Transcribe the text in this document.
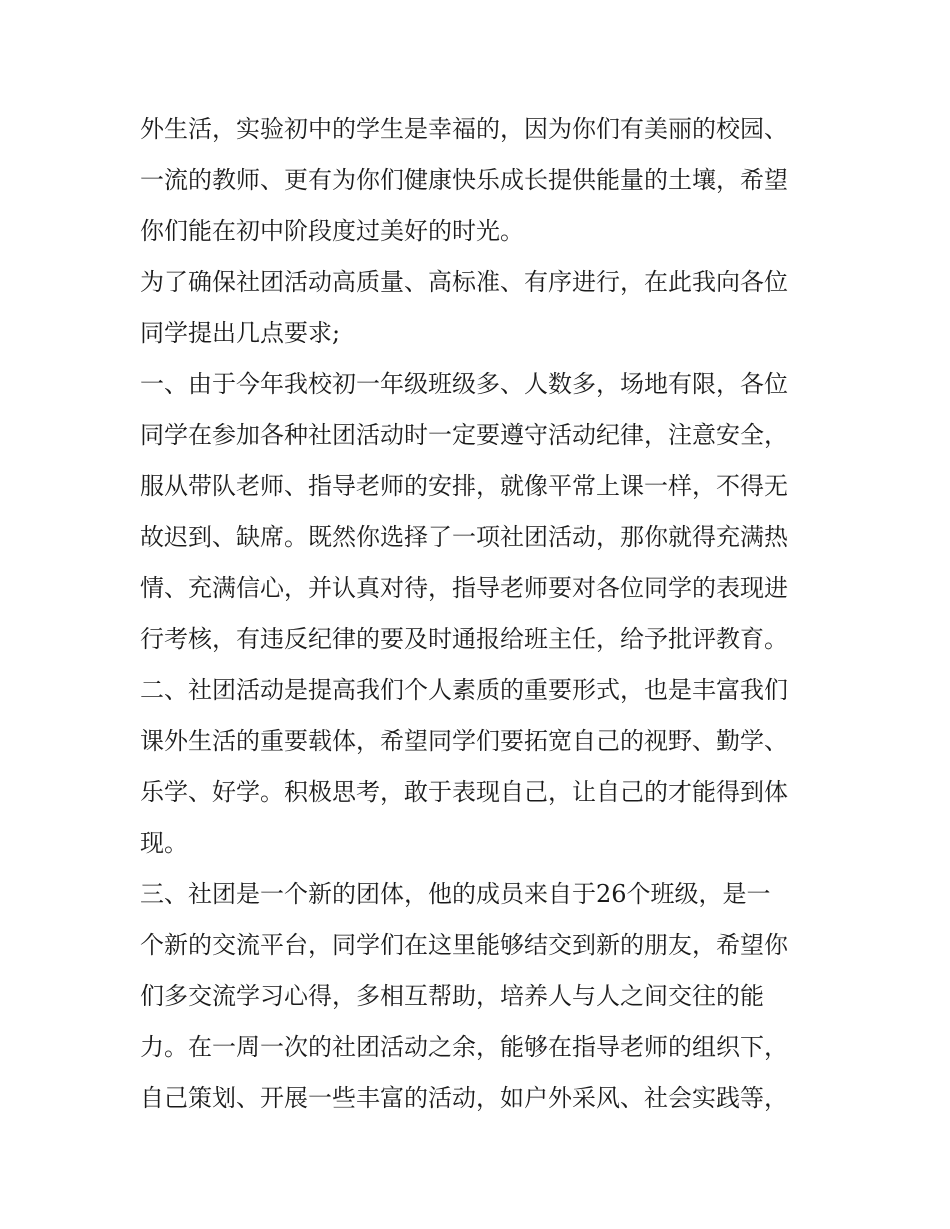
外生活，实验初中的学生是幸福的，因为你们有美丽的校园、
一流的教师、更有为你们健康快乐成长提供能量的土壤，希望
你们能在初中阶段度过美好的时光。
为了确保社团活动高质量、高标准、有序进行，在此我向各位
同学提出几点要求;
一、由于今年我校初一年级班级多、人数多，场地有限，各位
同学在参加各种社团活动时一定要遵守活动纪律，注意安全，
服从带队老师、指导老师的安排，就像平常上课一样，不得无
故迟到、缺席。既然你选择了一项社团活动，那你就得充满热
情、充满信心，并认真对待，指导老师要对各位同学的表现进
行考核，有违反纪律的要及时通报给班主任，给予批评教育。
二、社团活动是提高我们个人素质的重要形式，也是丰富我们
课外生活的重要载体，希望同学们要拓宽自己的视野、勤学、
乐学、好学。积极思考，敢于表现自己，让自己的才能得到体
现。
三、社团是一个新的团体，他的成员来自于26个班级，是一
个新的交流平台，同学们在这里能够结交到新的朋友，希望你
们多交流学习心得，多相互帮助，培养人与人之间交往的能
力。在一周一次的社团活动之余，能够在指导老师的组织下，
自己策划、开展一些丰富的活动，如户外采风、社会实践等，
